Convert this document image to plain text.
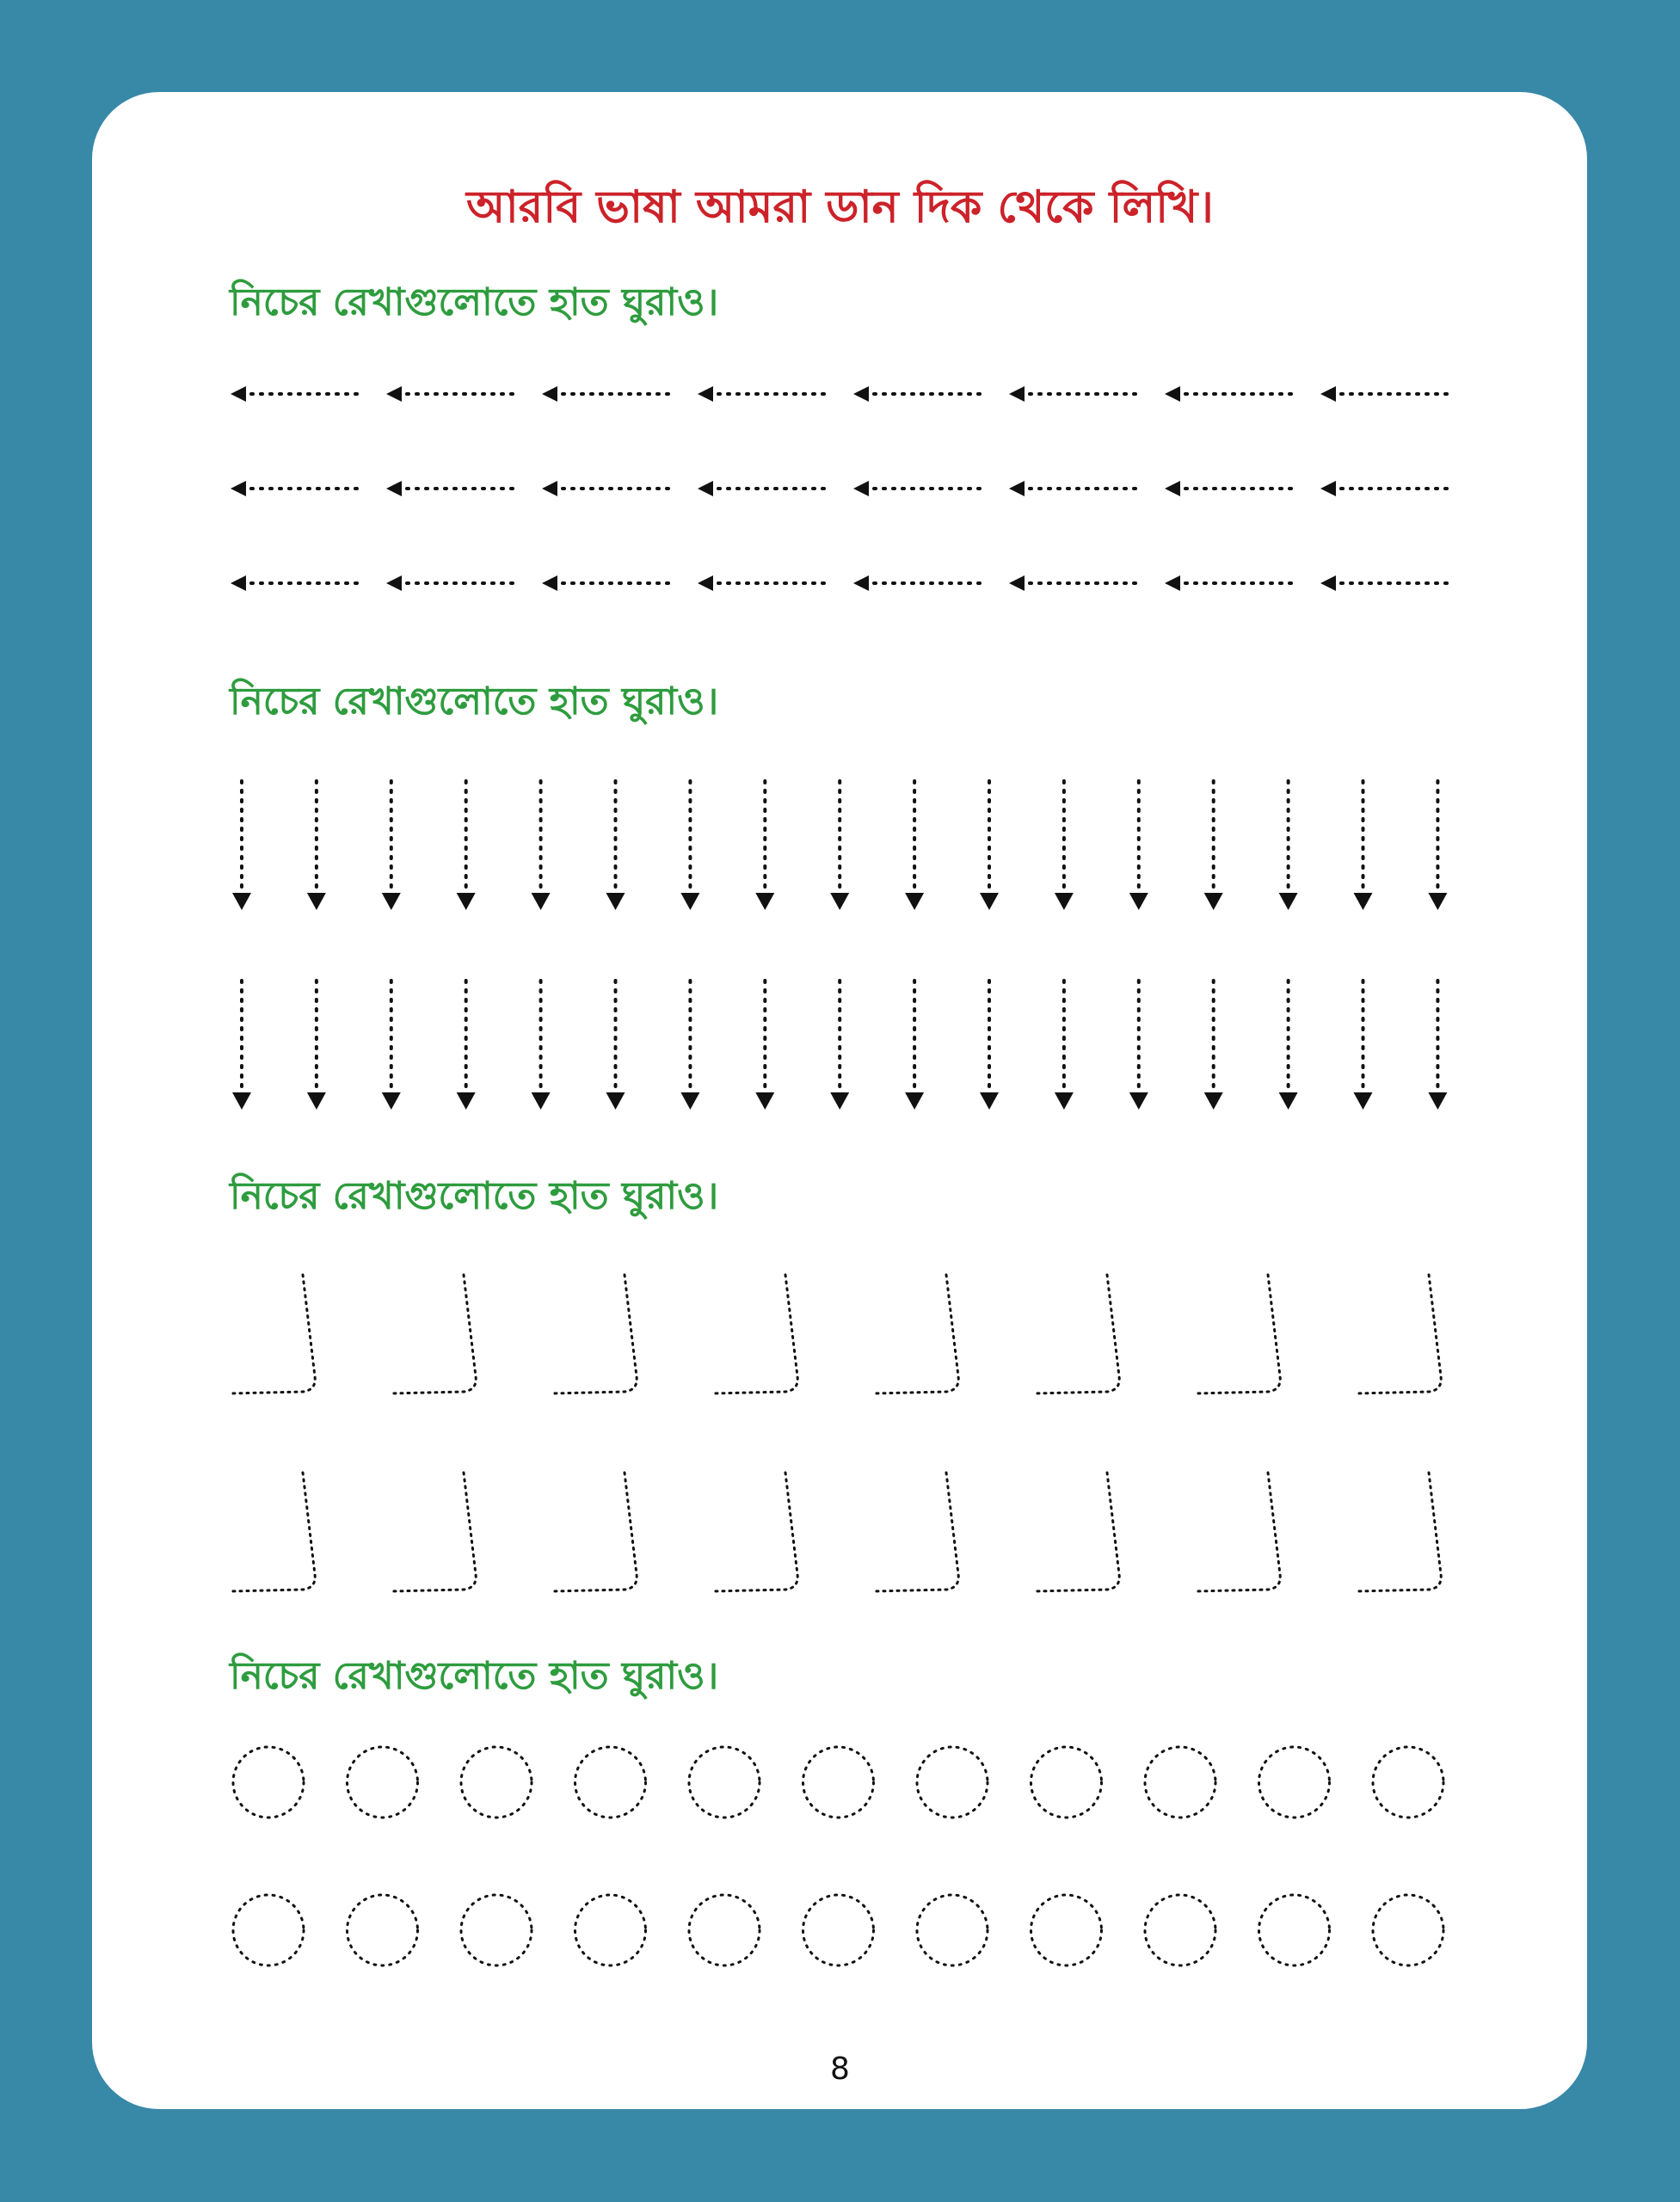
আরবি ভাষা আমরা ডান দিক থেকে লিখি।

নিচের রেখাগুলোতে হাত ঘুরাও।

নিচের রেখাগুলোতে হাত ঘুরাও।

নিচের রেখাগুলোতে হাত ঘুরাও।

নিচের রেখাগুলোতে হাত ঘুরাও।

8
